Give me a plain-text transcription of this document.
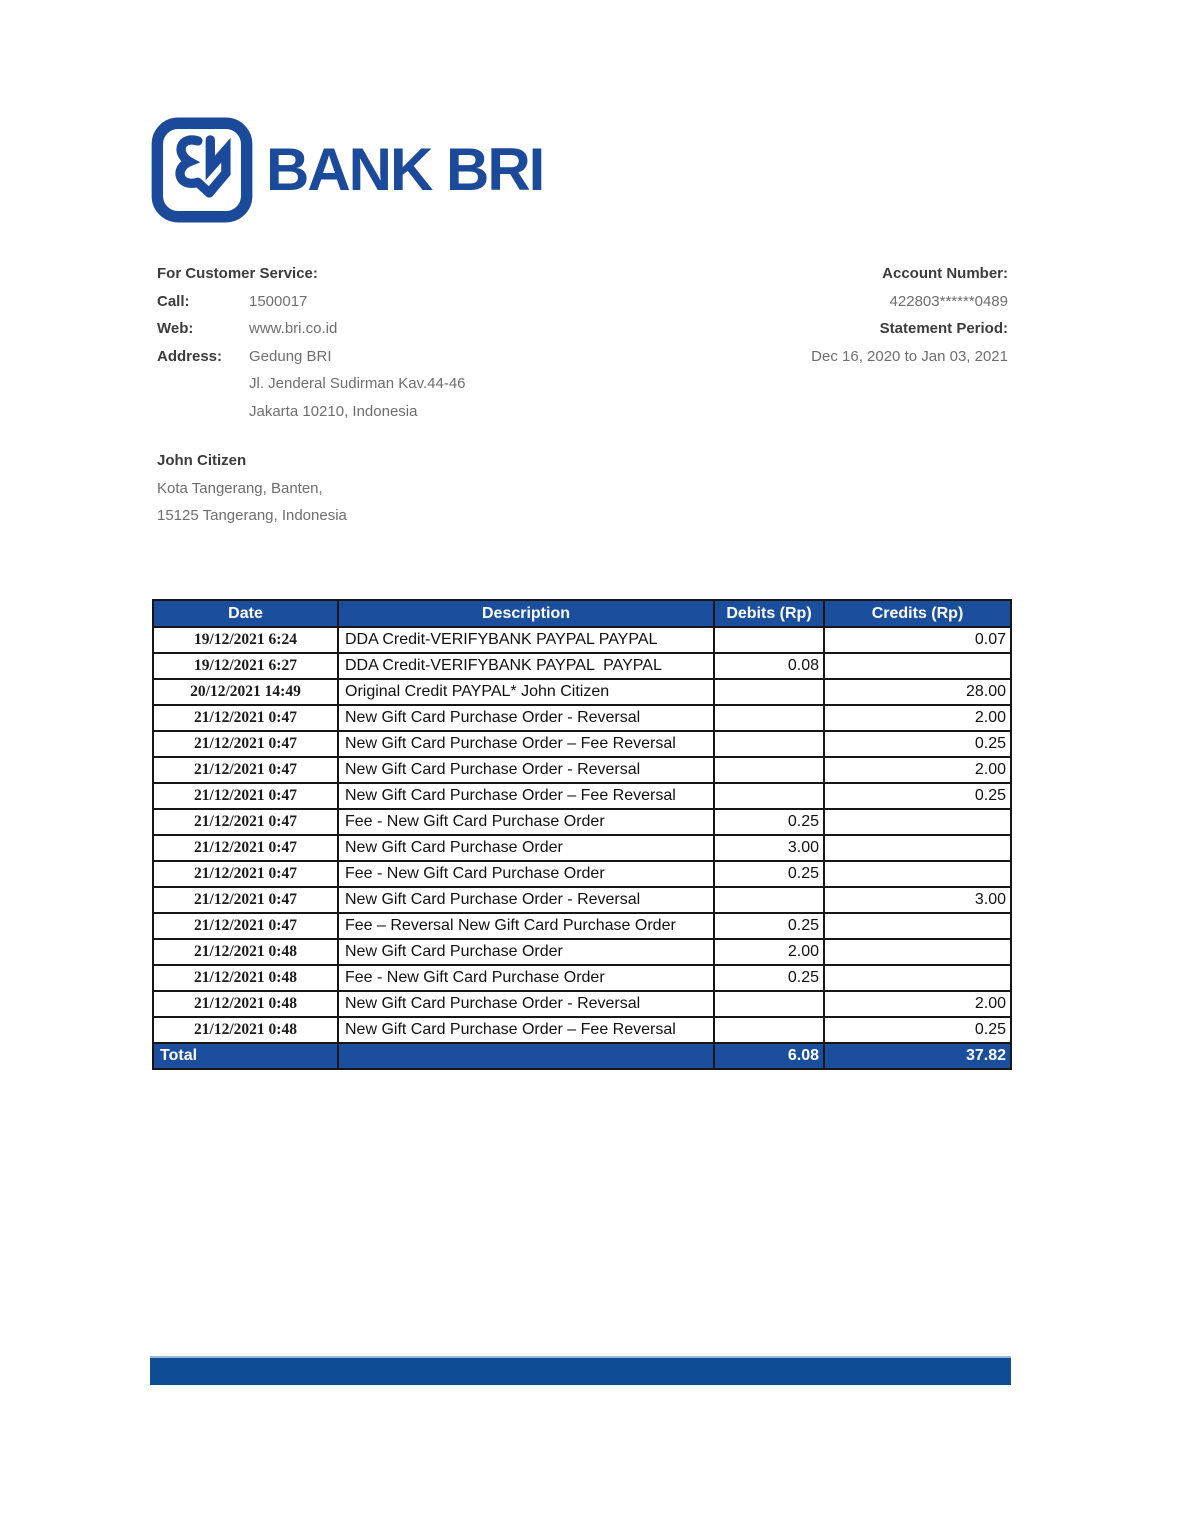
BANK BRI
For Customer Service:
Call:	1500017
Web:	www.bri.co.id
Address:	Gedung BRI
Jl. Jenderal Sudirman Kav.44-46
Jakarta 10210, Indonesia
Account Number:
422803******0489
Statement Period:
Dec 16, 2020 to Jan 03, 2021
John Citizen
Kota Tangerang, Banten,
15125 Tangerang, Indonesia
Date	Description	Debits (Rp)	Credits (Rp)
19/12/2021 6:24	DDA Credit-VERIFYBANK PAYPAL PAYPAL		0.07
19/12/2021 6:27	DDA Credit-VERIFYBANK PAYPAL  PAYPAL	0.08	
20/12/2021 14:49	Original Credit PAYPAL* John Citizen		28.00
21/12/2021 0:47	New Gift Card Purchase Order - Reversal		2.00
21/12/2021 0:47	New Gift Card Purchase Order – Fee Reversal		0.25
21/12/2021 0:47	New Gift Card Purchase Order - Reversal		2.00
21/12/2021 0:47	New Gift Card Purchase Order – Fee Reversal		0.25
21/12/2021 0:47	Fee - New Gift Card Purchase Order	0.25	
21/12/2021 0:47	New Gift Card Purchase Order	3.00	
21/12/2021 0:47	Fee - New Gift Card Purchase Order	0.25	
21/12/2021 0:47	New Gift Card Purchase Order - Reversal		3.00
21/12/2021 0:47	Fee – Reversal New Gift Card Purchase Order	0.25	
21/12/2021 0:48	New Gift Card Purchase Order	2.00	
21/12/2021 0:48	Fee - New Gift Card Purchase Order	0.25	
21/12/2021 0:48	New Gift Card Purchase Order - Reversal		2.00
21/12/2021 0:48	New Gift Card Purchase Order – Fee Reversal		0.25
Total		6.08	37.82
